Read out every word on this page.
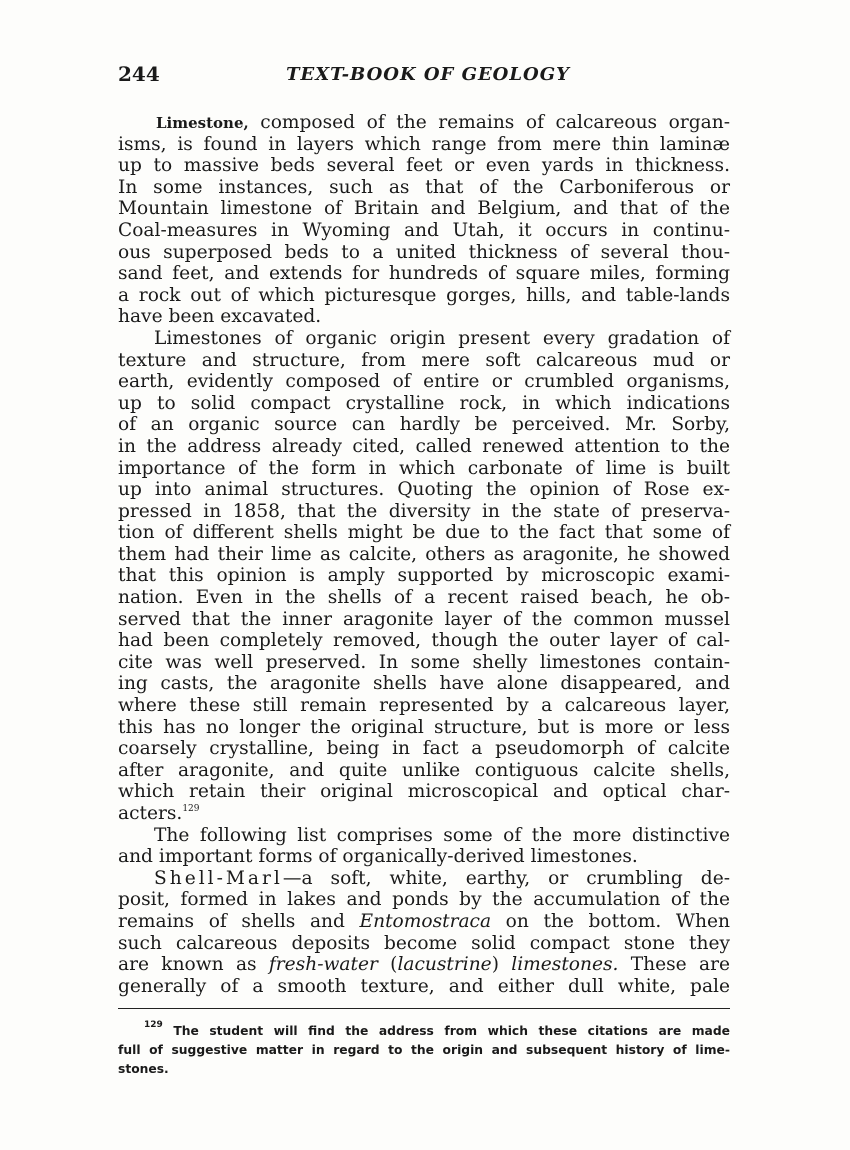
244	TEXT-BOOK OF GEOLOGY
Limestone, composed of the remains of calcareous organ-
isms, is found in layers which range from mere thin laminæ
up to massive beds several feet or even yards in thickness.
In some instances, such as that of the Carboniferous or
Mountain limestone of Britain and Belgium, and that of the
Coal-measures in Wyoming and Utah, it occurs in continu-
ous superposed beds to a united thickness of several thou-
sand feet, and extends for hundreds of square miles, forming
a rock out of which picturesque gorges, hills, and table-lands
have been excavated.
Limestones of organic origin present every gradation of
texture and structure, from mere soft calcareous mud or
earth, evidently composed of entire or crumbled organisms,
up to solid compact crystalline rock, in which indications
of an organic source can hardly be perceived. Mr. Sorby,
in the address already cited, called renewed attention to the
importance of the form in which carbonate of lime is built
up into animal structures. Quoting the opinion of Rose ex-
pressed in 1858, that the diversity in the state of preserva-
tion of different shells might be due to the fact that some of
them had their lime as calcite, others as aragonite, he showed
that this opinion is amply supported by microscopic exami-
nation. Even in the shells of a recent raised beach, he ob-
served that the inner aragonite layer of the common mussel
had been completely removed, though the outer layer of cal-
cite was well preserved. In some shelly limestones contain-
ing casts, the aragonite shells have alone disappeared, and
where these still remain represented by a calcareous layer,
this has no longer the original structure, but is more or less
coarsely crystalline, being in fact a pseudomorph of calcite
after aragonite, and quite unlike contiguous calcite shells,
which retain their original microscopical and optical char-
acters.$^{129}$
The following list comprises some of the more distinctive
and important forms of organically-derived limestones.
Shell-Marl—a soft, white, earthy, or crumbling de-
posit, formed in lakes and ponds by the accumulation of the
remains of shells and Entomostraca on the bottom. When
such calcareous deposits become solid compact stone they
are known as fresh-water (lacustrine) limestones. These are
generally of a smooth texture, and either dull white, pale
$^{129}$ The student will find the address from which these citations are made
full of suggestive matter in regard to the origin and subsequent history of lime-
stones.
